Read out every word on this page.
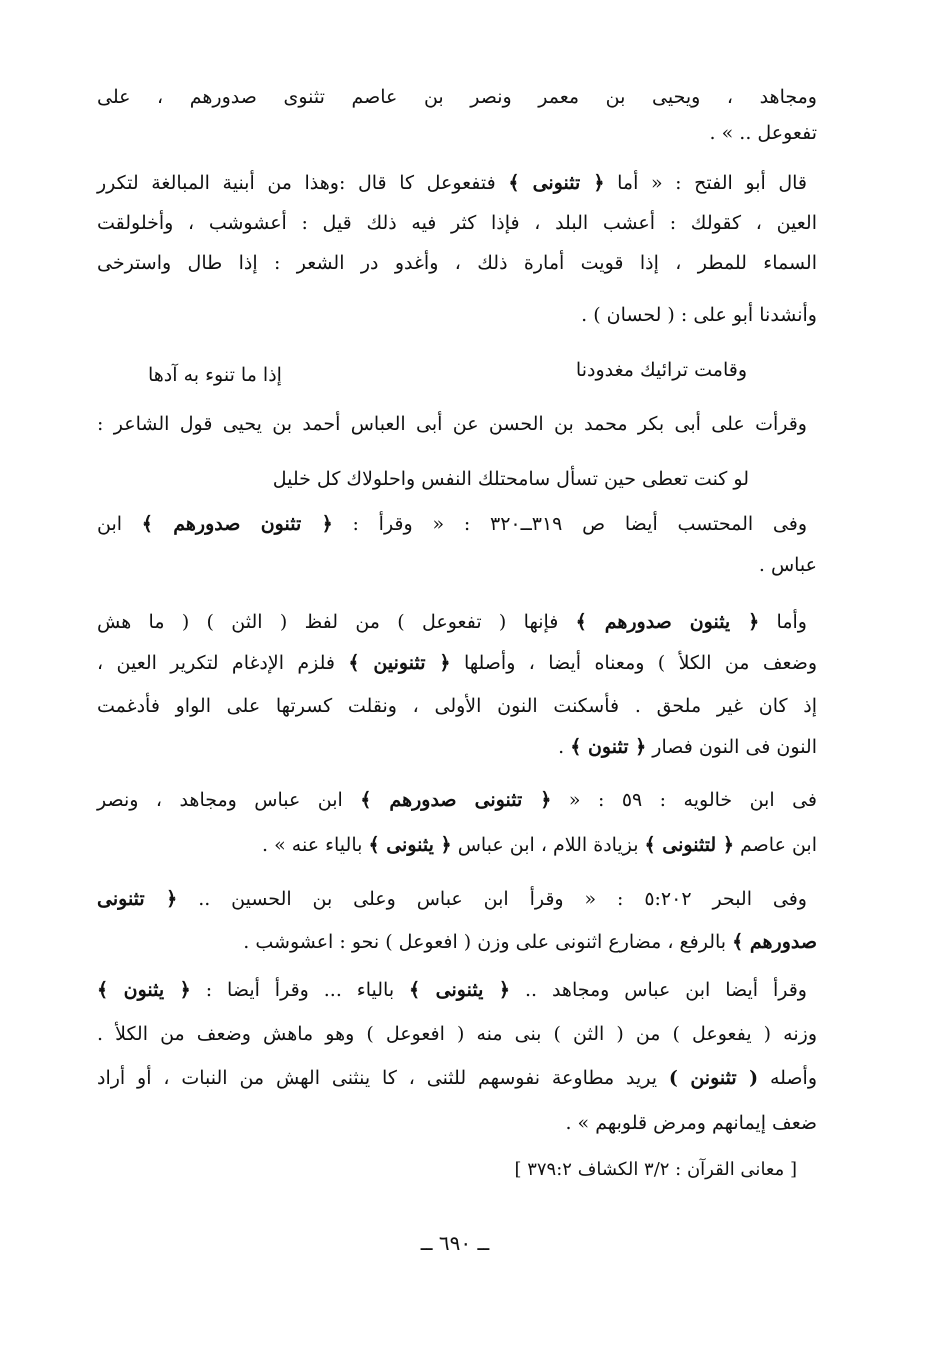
ومجاهد ، ويحيى بن معمر ونصر بن عاصم تثنوى صدورهم ، على
تفعوعل .. » .
قال أبو الفتح : « أما ﴿ تثنونى ﴾ فتفعوعل كا قال :وهذا من أبنية المبالغة لتكرر
العين ، كقولك : أعشب البلد ، فإذا كثر فيه ذلك قيل : أعشوشب ، وأخلولقت
السماء للمطر ، إذا قويت أمارة ذلك ، وأغدو در الشعر : إذا طال واسترخى
وأنشدنا أبو على : ( لحسان ) .
وقامت ترائيك مغدودنا
إذا ما تنوء به آدها
وقرأت على أبى بكر محمد بن الحسن عن أبى العباس أحمد بن يحيى قول الشاعر :
لو كنت تعطى حين تسأل سامحتلك النفس واحلولاك كل خليل
وفى المحتسب أيضا ص ٣١٩ــ٣٢٠ : « وقرأ : ﴿ تثنون صدورهم ﴾ ابن
عباس .
وأما ﴿ يثنون صدورهم ﴾ فإنها ( تفعوعل ) من لفظ ( الثن ) ( ما هش
وضعف من الكلأ ) ومعناه أيضا ، وأصلها ﴿ تثنونين ﴾ فلزم الإدغام لتكرير العين ،
إذ كان غير ملحق . فأسكنت النون الأولى ، ونقلت كسرتها على الواو فأدغمت
النون فى النون فصار ﴿ تثنون ﴾ .
فى ابن خالويه : ٥٩ : « ﴿ تثنونى صدورهم ﴾ ابن عباس ومجاهد ، ونصر
ابن عاصم ﴿ لتثنونى ﴾ بزيادة اللام ، ابن عباس ﴿ يثنونى ﴾ بالياء عنه » .
وفى البحر ٥:٢٠٢ : « وقرأ ابن عباس وعلى بن الحسين .. ﴿ تثنونى
صدورهم ﴾ بالرفع ، مضارع اثنونى على وزن ( افعوعل ) نحو : اعشوشب .
وقرأ أيضا ابن عباس ومجاهد .. ﴿ يثنونى ﴾ بالياء ... وقرأ أيضا : ﴿ يثنون ﴾
وزنه ( يفعوعل ) من ( الثن ) بنى منه ( افعوعل ) وهو ماهش وضعف من الكلأ .
وأصله ( تثنونن ) يريد مطاوعة نفوسهم للثنى ، كا ينثنى الهش من النبات ، أو أراد
ضعف إيمانهم ومرض قلوبهم » .
[ معانى القرآن : ٣/٢ الكشاف ٣٧٩:٢ ]
ــ ٦٩٠ ــ
